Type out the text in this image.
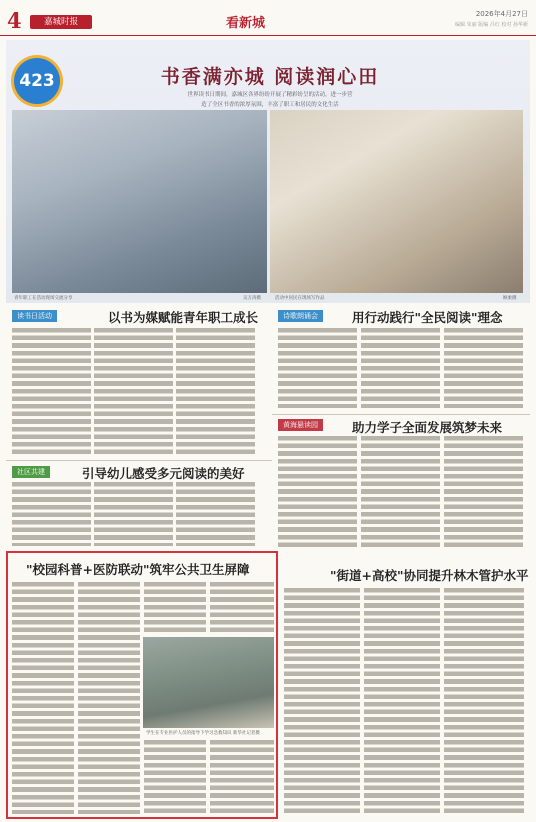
4	嘉城时报	看新城
2026年4月27日
编辑 朱丽 版编 吕红 校对 孙华新
423	书香满亦城 阅读润心田
世界读书日期间，嘉城区各界纷纷开展了精彩纷呈的活动，进一步营
造了全区书香的浓厚氛围，丰富了职工和居民的文化生活
青年职工在活动现场交流分享	吴万涛摄	活动中居民在现场写作品	顾柔摄
读书日活动	以书为媒赋能青年职工成长	诗歌朗诵会	用行动践行"全民阅读"理念
社区共建	引导幼儿感受多元阅读的美好
黄海悬读园	助力学子全面发展筑梦未来
"校园科普+医防联动"筑牢公共卫生屏障
学生在专业医护人员的指导下学习急救知识 新华社记者摄
"街道+高校"协同提升林木管护水平
